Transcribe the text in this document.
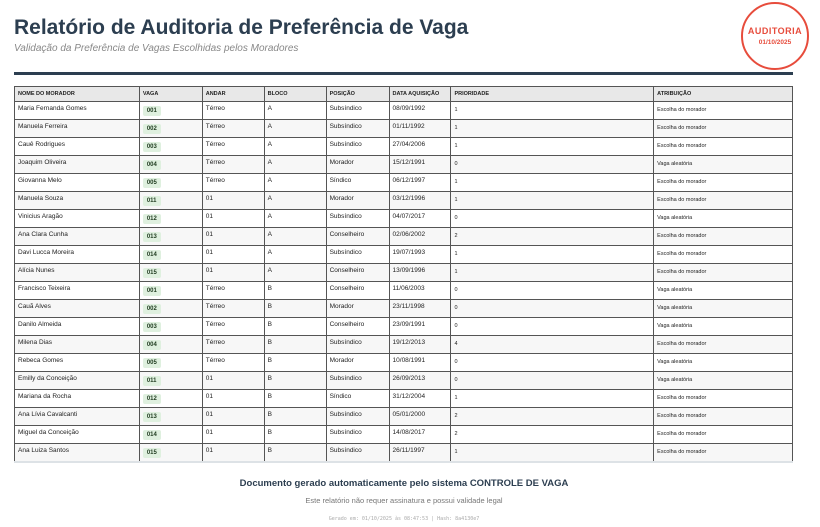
Relatório de Auditoria de Preferência de Vaga
Validação da Preferência de Vagas Escolhidas pelos Moradores
AUDITORIA
01/10/2025
NOME DO MORADOR	VAGA	ANDAR	BLOCO	POSIÇÃO	DATA AQUISIÇÃO	PRIORIDADE	ATRIBUIÇÃO
Maria Fernanda Gomes	001	Térreo	A	Subsíndico	08/09/1992	1	Escolha do morador
Manuela Ferreira	002	Térreo	A	Subsíndico	01/11/1992	1	Escolha do morador
Cauê Rodrigues	003	Térreo	A	Subsíndico	27/04/2006	1	Escolha do morador
Joaquim Oliveira	004	Térreo	A	Morador	15/12/1991	0	Vaga aleatória
Giovanna Melo	005	Térreo	A	Síndico	06/12/1997	1	Escolha do morador
Manuela Souza	011	01	A	Morador	03/12/1996	1	Escolha do morador
Vinicius Aragão	012	01	A	Subsíndico	04/07/2017	0	Vaga aleatória
Ana Clara Cunha	013	01	A	Conselheiro	02/06/2002	2	Escolha do morador
Davi Lucca Moreira	014	01	A	Subsíndico	19/07/1993	1	Escolha do morador
Alícia Nunes	015	01	A	Conselheiro	13/09/1996	1	Escolha do morador
Francisco Teixeira	001	Térreo	B	Conselheiro	11/06/2003	0	Vaga aleatória
Cauã Alves	002	Térreo	B	Morador	23/11/1998	0	Vaga aleatória
Danilo Almeida	003	Térreo	B	Conselheiro	23/09/1991	0	Vaga aleatória
Milena Dias	004	Térreo	B	Subsíndico	19/12/2013	4	Escolha do morador
Rebeca Gomes	005	Térreo	B	Morador	10/08/1991	0	Vaga aleatória
Emilly da Conceição	011	01	B	Subsíndico	26/09/2013	0	Vaga aleatória
Mariana da Rocha	012	01	B	Síndico	31/12/2004	1	Escolha do morador
Ana Lívia Cavalcanti	013	01	B	Subsíndico	05/01/2000	2	Escolha do morador
Miguel da Conceição	014	01	B	Subsíndico	14/08/2017	2	Escolha do morador
Ana Luiza Santos	015	01	B	Subsíndico	26/11/1997	1	Escolha do morador
Documento gerado automaticamente pelo sistema CONTROLE DE VAGA
Este relatório não requer assinatura e possui validade legal
Gerado em: 01/10/2025 às 08:47:53 | Hash: 8a4130e7
